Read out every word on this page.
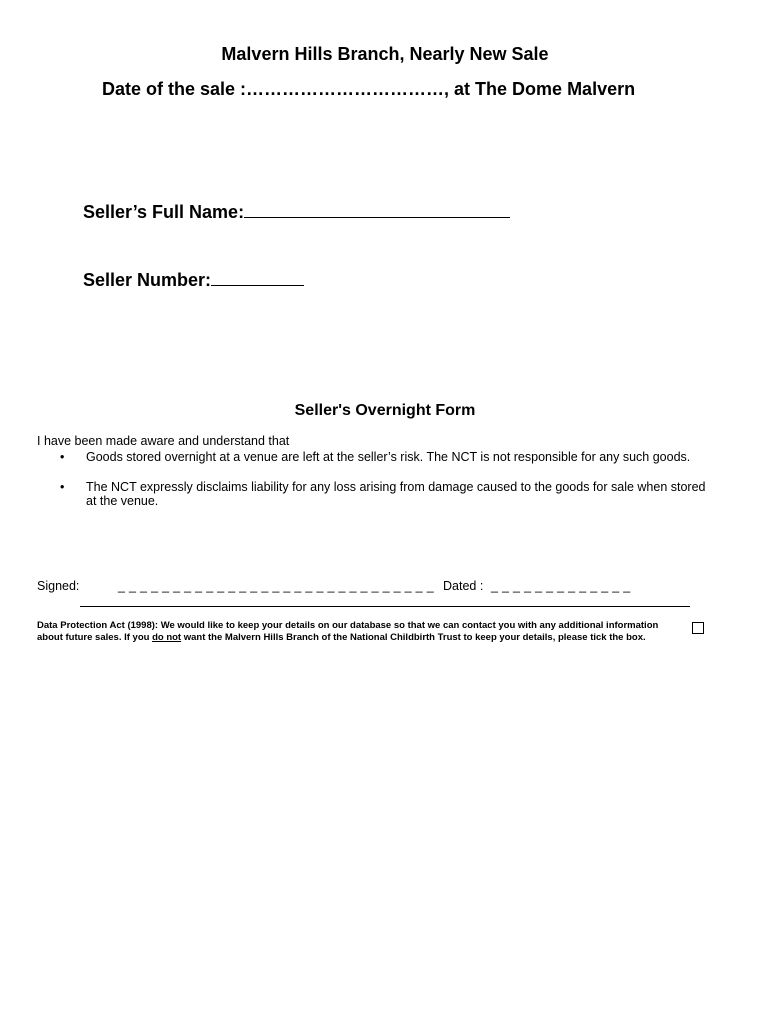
Malvern Hills Branch, Nearly New Sale
Date of the sale :……………………………, at The Dome Malvern
Seller’s Full Name:
Seller Number:
Seller's Overnight Form
I have been made aware and understand that
• Goods stored overnight at a venue are left at the seller’s risk. The NCT is not responsible for any such goods.
• The NCT expressly disclaims liability for any loss arising from damage caused to the goods for sale when stored
at the venue.
Signed:	_ _ _ _ _ _ _ _ _ _ _ _ _ _ _ _ _ _ _ _ _ _ _ _ _ _ _ _ _ Dated : _ _ _ _ _ _ _ _ _ _ _ _ _
Data Protection Act (1998): We would like to keep your details on our database so that we can contact you with any additional information about future sales. If you do not want the Malvern Hills Branch of the National Childbirth Trust to keep your details, please tick the box.
